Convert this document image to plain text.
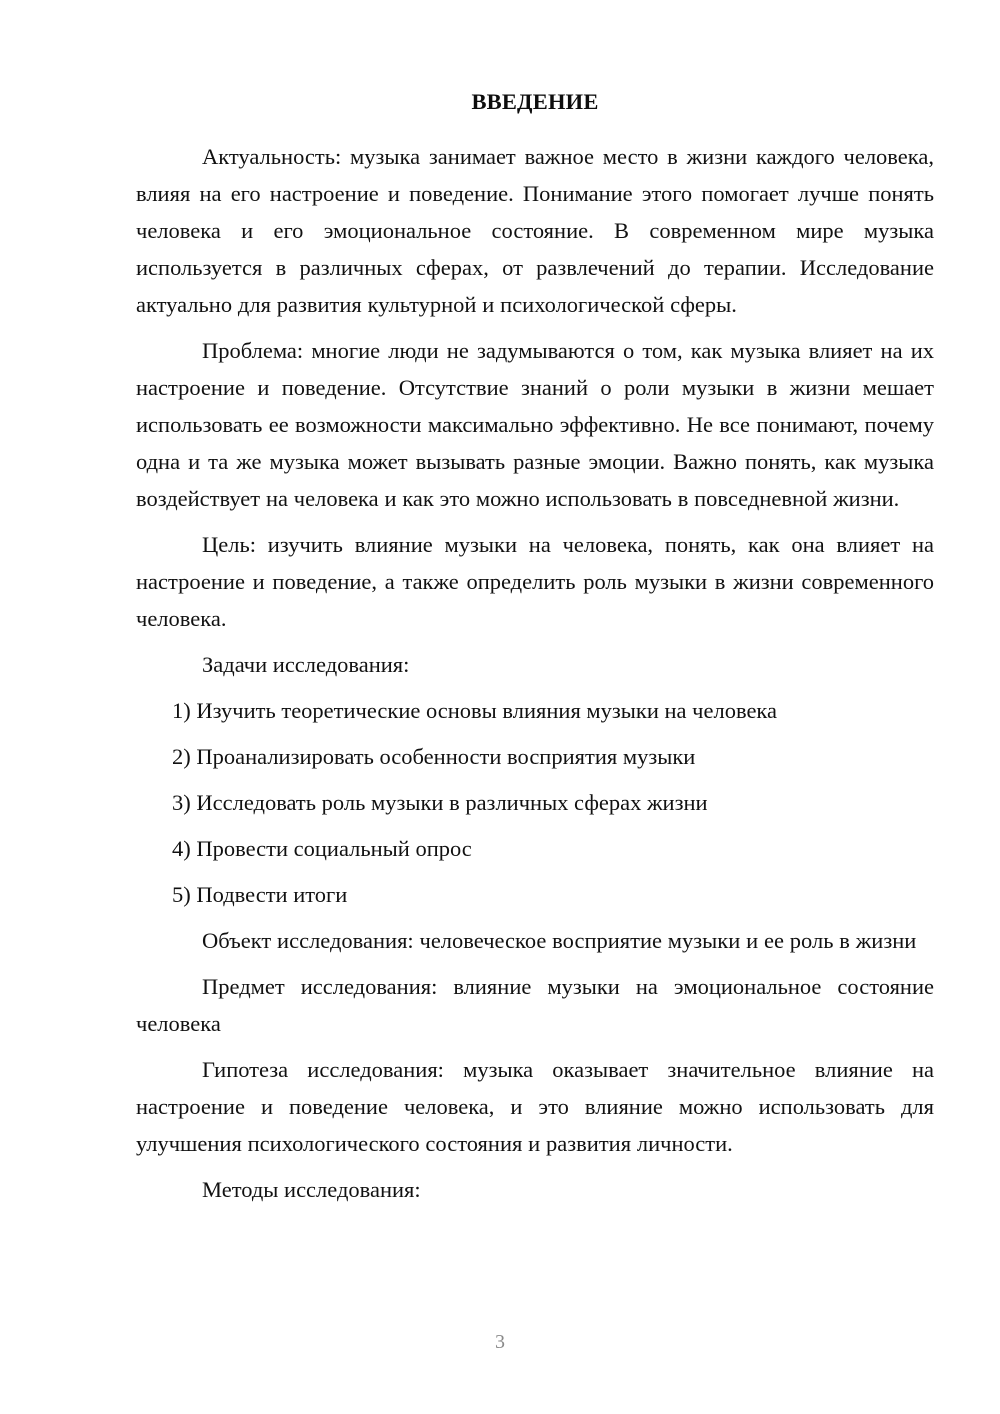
ВВЕДЕНИЕ

Актуальность: музыка занимает важное место в жизни каждого человека, влияя на его настроение и поведение. Понимание этого помогает лучше понять человека и его эмоциональное состояние. В современном мире музыка используется в различных сферах, от развлечений до терапии. Исследование актуально для развития культурной и психологической сферы.

Проблема: многие люди не задумываются о том, как музыка влияет на их настроение и поведение. Отсутствие знаний о роли музыки в жизни мешает использовать ее возможности максимально эффективно. Не все понимают, почему одна и та же музыка может вызывать разные эмоции. Важно понять, как музыка воздействует на человека и как это можно использовать в повседневной жизни.

Цель: изучить влияние музыки на человека, понять, как она влияет на настроение и поведение, а также определить роль музыки в жизни современного человека.

Задачи исследования:

1) Изучить теоретические основы влияния музыки на человека
2) Проанализировать особенности восприятия музыки
3) Исследовать роль музыки в различных сферах жизни
4) Провести социальный опрос
5) Подвести итоги

Объект исследования: человеческое восприятие музыки и ее роль в жизни

Предмет исследования: влияние музыки на эмоциональное состояние человека

Гипотеза исследования: музыка оказывает значительное влияние на настроение и поведение человека, и это влияние можно использовать для улучшения психологического состояния и развития личности.

Методы исследования:

3
